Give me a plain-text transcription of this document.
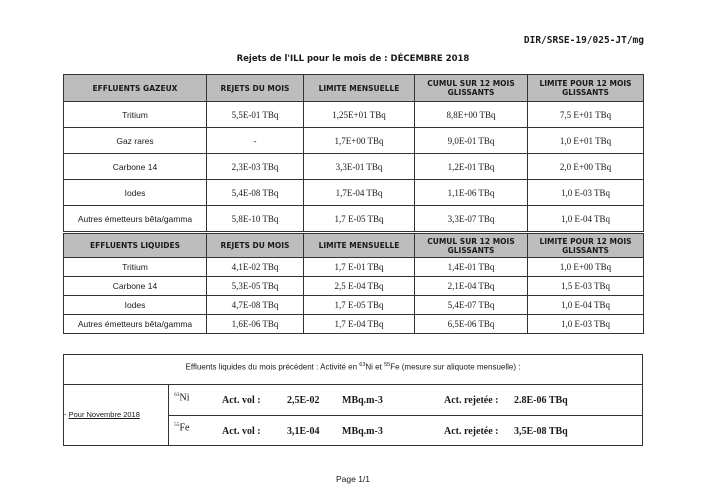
DIR/SRSE-19/025-JT/mg
Rejets de l'ILL pour le mois de : DÉCEMBRE 2018
EFFLUENTS GAZEUX	REJETS DU MOIS	LIMITE MENSUELLE	CUMUL SUR 12 MOIS GLISSANTS	LIMITE POUR 12 MOIS GLISSANTS
Tritium	5,5E-01 TBq	1,25E+01 TBq	8,8E+00 TBq	7,5 E+01 TBq
Gaz rares	-	1,7E+00 TBq	9,0E-01 TBq	1,0 E+01 TBq
Carbone 14	2,3E-03 TBq	3,3E-01 TBq	1,2E-01 TBq	2,0 E+00 TBq
Iodes	5,4E-08 TBq	1,7E-04 TBq	1,1E-06 TBq	1,0 E-03 TBq
Autres émetteurs bêta/gamma	5,8E-10 TBq	1,7 E-05 TBq	3,3E-07 TBq	1,0 E-04 TBq
EFFLUENTS LIQUIDES	REJETS DU MOIS	LIMITE MENSUELLE	CUMUL SUR 12 MOIS GLISSANTS	LIMITE POUR 12 MOIS GLISSANTS
Tritium	4,1E-02 TBq	1,7 E-01 TBq	1,4E-01 TBq	1,0 E+00 TBq
Carbone 14	5,3E-05 TBq	2,5 E-04 TBq	2,1E-04 TBq	1,5 E-03 TBq
Iodes	4,7E-08 TBq	1,7 E-05 TBq	5,4E-07 TBq	1,0 E-04 TBq
Autres émetteurs bêta/gamma	1,6E-06 TBq	1,7 E-04 TBq	6,5E-06 TBq	1,0 E-03 TBq
Effluents liquides du mois précédent : Activité en $^{63}$Ni et $^{55}$Fe (mesure sur aliquote mensuelle) :
- Pour Novembre 2018
$^{63}$Ni	Act. vol :	2,5E-02 MBq.m-3	Act. rejetée : 2.8E-06 TBq
$^{55}$Fe	Act. vol :	3,1E-04 MBq.m-3	Act. rejetée : 3,5E-08 TBq
Page 1/1
